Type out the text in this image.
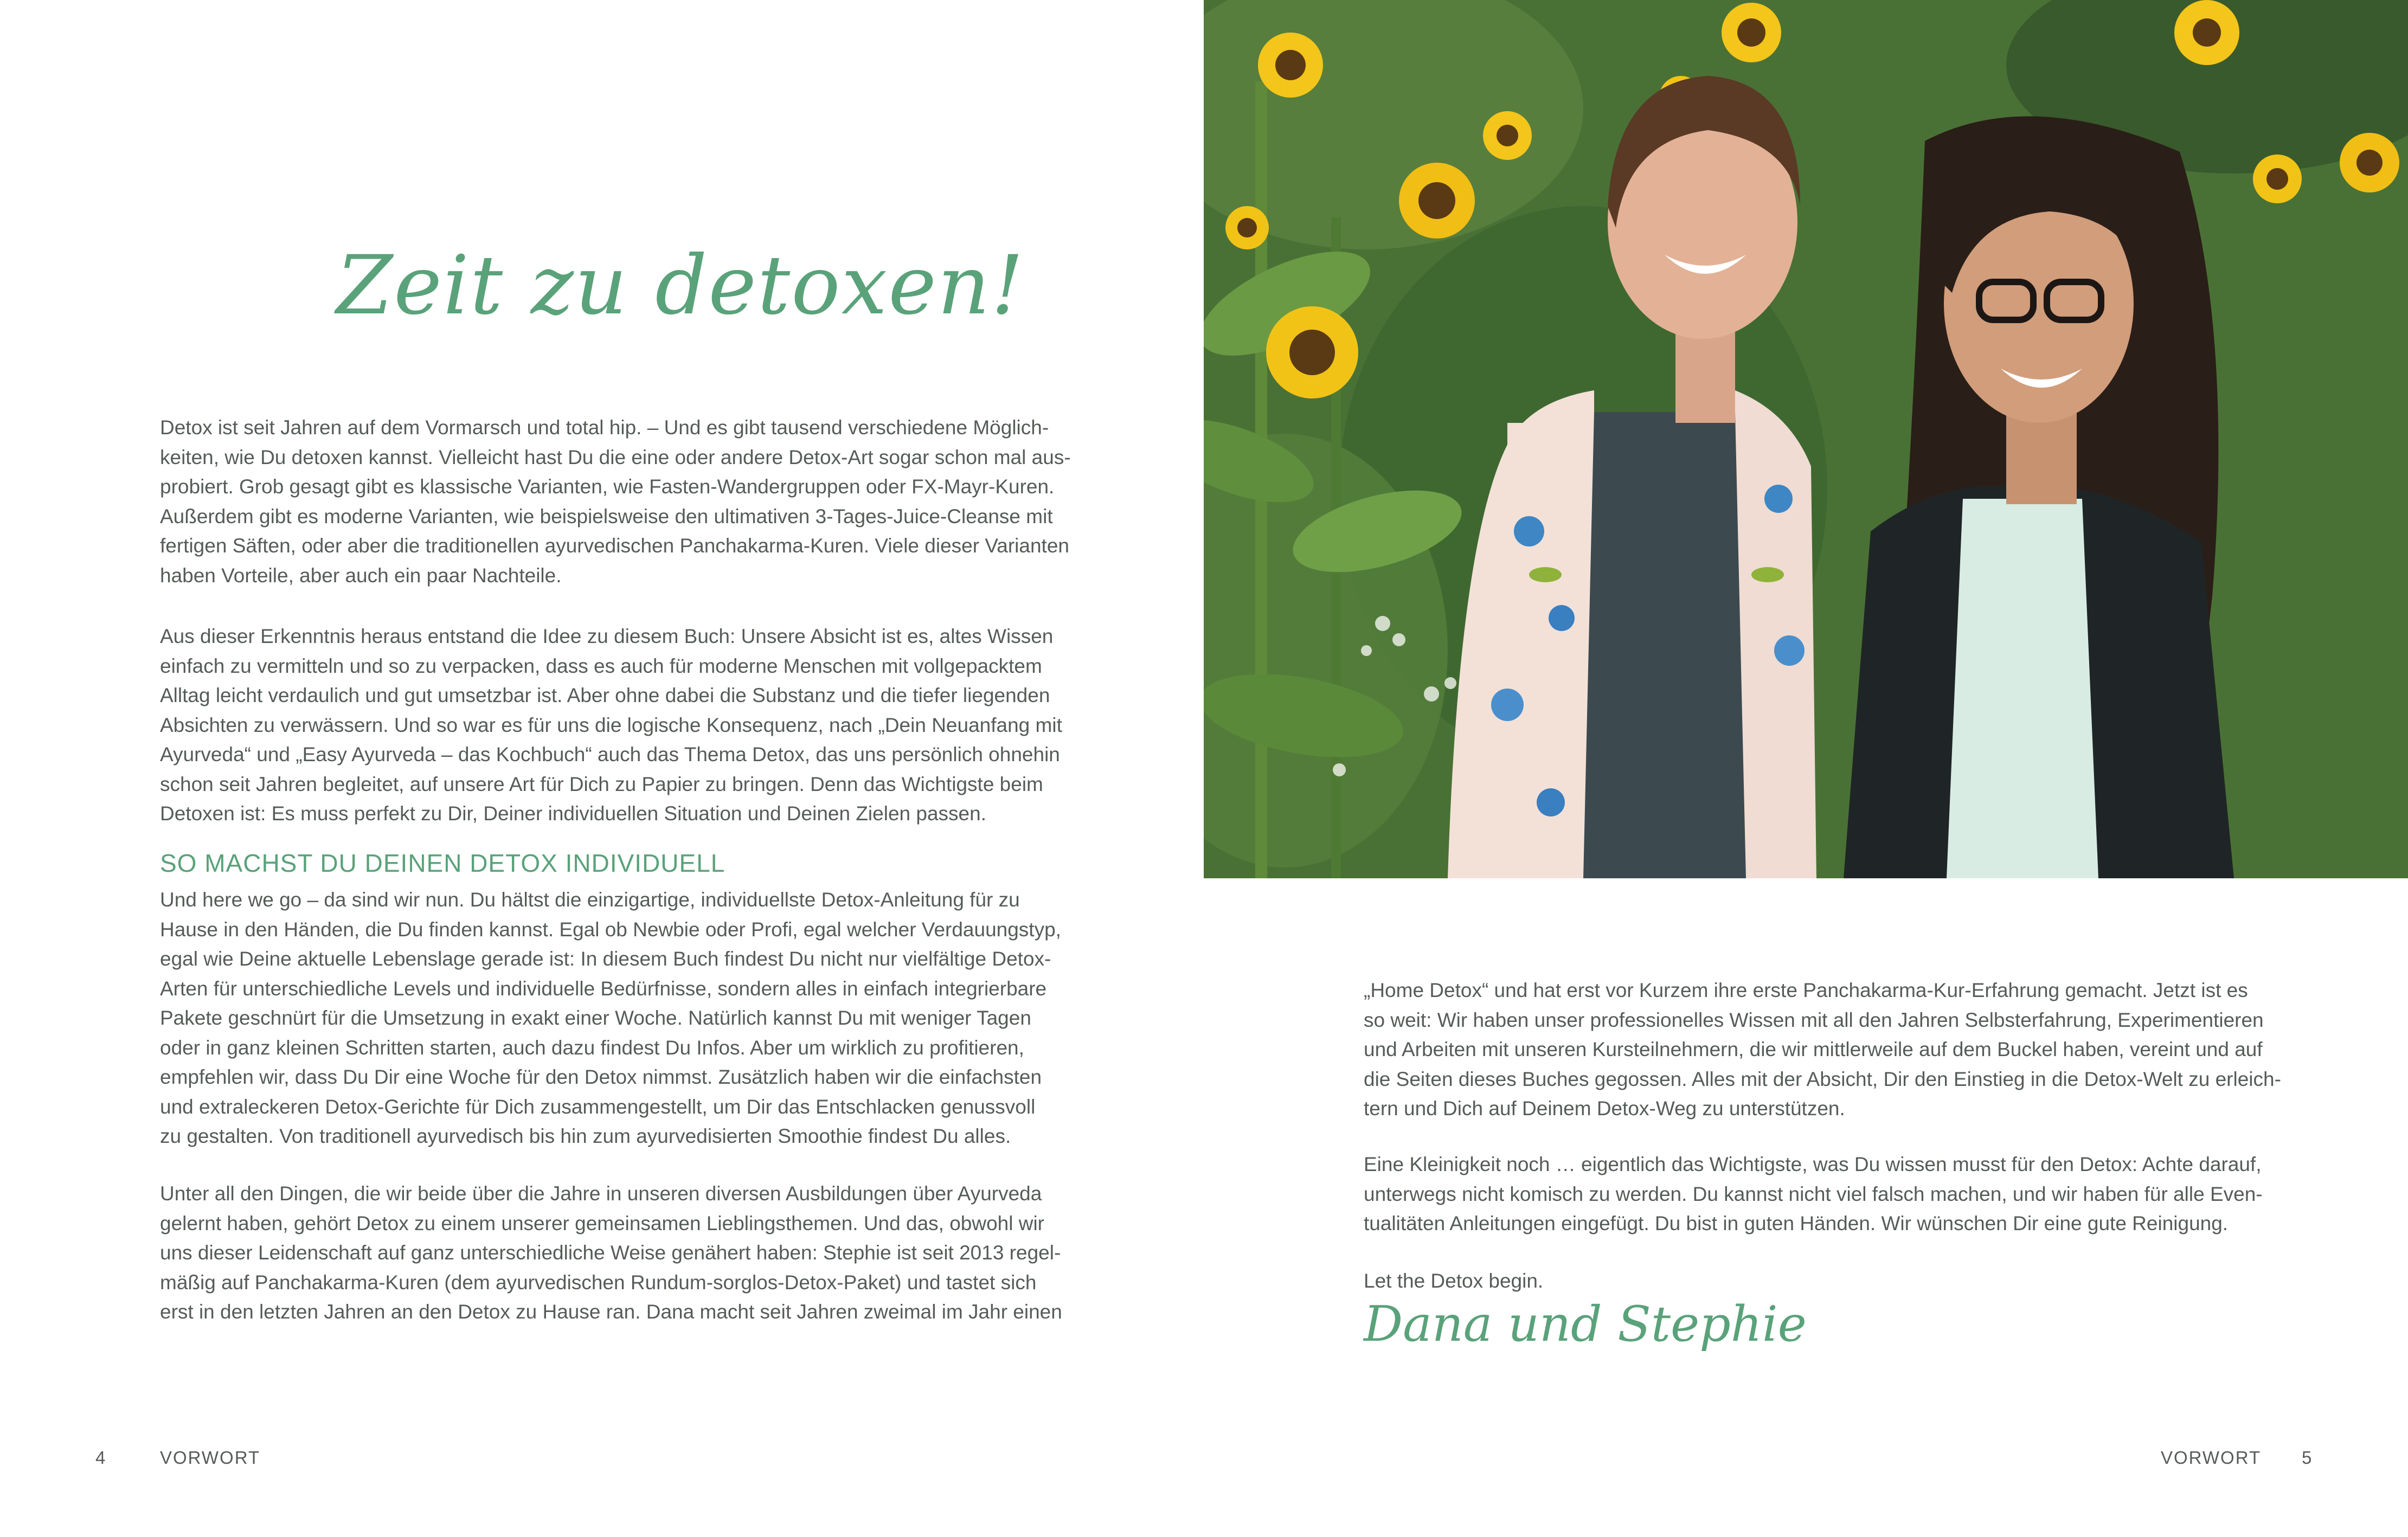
Zeit zu detoxen!

Detox ist seit Jahren auf dem Vormarsch und total hip. – Und es gibt tausend verschiedene Möglich-
keiten, wie Du detoxen kannst. Vielleicht hast Du die eine oder andere Detox-Art sogar schon mal aus-
probiert. Grob gesagt gibt es klassische Varianten, wie Fasten-Wandergruppen oder FX-Mayr-Kuren.
Außerdem gibt es moderne Varianten, wie beispielsweise den ultimativen 3-Tages-Juice-Cleanse mit
fertigen Säften, oder aber die traditionellen ayurvedischen Panchakarma-Kuren. Viele dieser Varianten
haben Vorteile, aber auch ein paar Nachteile.

Aus dieser Erkenntnis heraus entstand die Idee zu diesem Buch: Unsere Absicht ist es, altes Wissen
einfach zu vermitteln und so zu verpacken, dass es auch für moderne Menschen mit vollgepacktem
Alltag leicht verdaulich und gut umsetzbar ist. Aber ohne dabei die Substanz und die tiefer liegenden
Absichten zu verwässern. Und so war es für uns die logische Konsequenz, nach „Dein Neuanfang mit
Ayurveda“ und „Easy Ayurveda – das Kochbuch“ auch das Thema Detox, das uns persönlich ohnehin
schon seit Jahren begleitet, auf unsere Art für Dich zu Papier zu bringen. Denn das Wichtigste beim
Detoxen ist: Es muss perfekt zu Dir, Deiner individuellen Situation und Deinen Zielen passen.

SO MACHST DU DEINEN DETOX INDIVIDUELL

Und here we go – da sind wir nun. Du hältst die einzigartige, individuellste Detox-Anleitung für zu
Hause in den Händen, die Du finden kannst. Egal ob Newbie oder Profi, egal welcher Verdauungstyp,
egal wie Deine aktuelle Lebenslage gerade ist: In diesem Buch findest Du nicht nur vielfältige Detox-
Arten für unterschiedliche Levels und individuelle Bedürfnisse, sondern alles in einfach integrierbare
Pakete geschnürt für die Umsetzung in exakt einer Woche. Natürlich kannst Du mit weniger Tagen
oder in ganz kleinen Schritten starten, auch dazu findest Du Infos. Aber um wirklich zu profitieren,
empfehlen wir, dass Du Dir eine Woche für den Detox nimmst. Zusätzlich haben wir die einfachsten
und extraleckeren Detox-Gerichte für Dich zusammengestellt, um Dir das Entschlacken genussvoll
zu gestalten. Von traditionell ayurvedisch bis hin zum ayurvedisierten Smoothie findest Du alles.

Unter all den Dingen, die wir beide über die Jahre in unseren diversen Ausbildungen über Ayurveda
gelernt haben, gehört Detox zu einem unserer gemeinsamen Lieblingsthemen. Und das, obwohl wir
uns dieser Leidenschaft auf ganz unterschiedliche Weise genähert haben: Stephie ist seit 2013 regel-
mäßig auf Panchakarma-Kuren (dem ayurvedischen Rundum-sorglos-Detox-Paket) und tastet sich
erst in den letzten Jahren an den Detox zu Hause ran. Dana macht seit Jahren zweimal im Jahr einen

4	VORWORT

„Home Detox“ und hat erst vor Kurzem ihre erste Panchakarma-Kur-Erfahrung gemacht. Jetzt ist es
so weit: Wir haben unser professionelles Wissen mit all den Jahren Selbsterfahrung, Experimentieren
und Arbeiten mit unseren Kursteilnehmern, die wir mittlerweile auf dem Buckel haben, vereint und auf
die Seiten dieses Buches gegossen. Alles mit der Absicht, Dir den Einstieg in die Detox-Welt zu erleich-
tern und Dich auf Deinem Detox-Weg zu unterstützen.

Eine Kleinigkeit noch … eigentlich das Wichtigste, was Du wissen musst für den Detox: Achte darauf,
unterwegs nicht komisch zu werden. Du kannst nicht viel falsch machen, und wir haben für alle Even-
tualitäten Anleitungen eingefügt. Du bist in guten Händen. Wir wünschen Dir eine gute Reinigung.

Let the Detox begin.

Dana und Stephie
VORWORT 5
